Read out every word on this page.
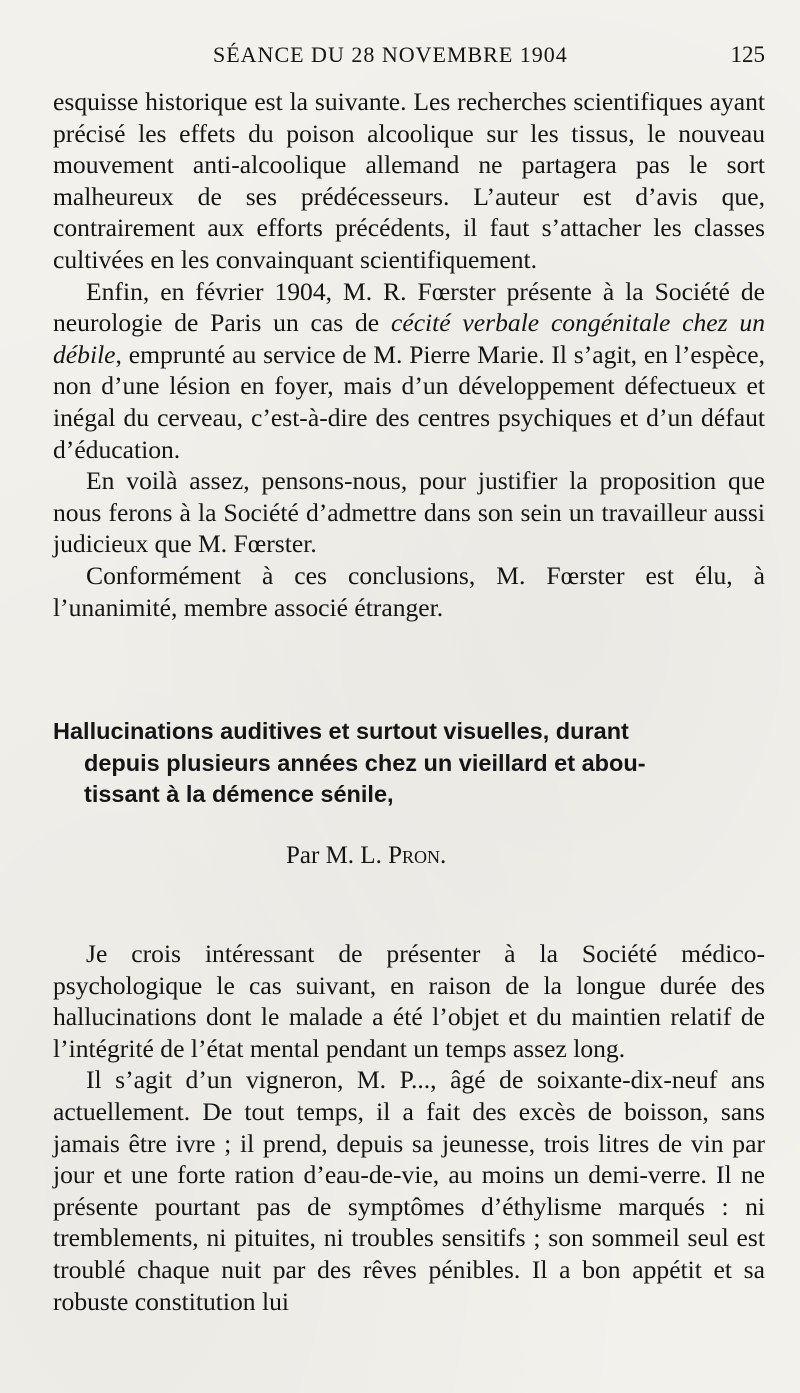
SÉANCE DU 28 NOVEMBRE 1904	125

esquisse historique est la suivante. Les recherches scientifiques ayant précisé les effets du poison alcoolique sur les tissus, le nouveau mouvement anti-alcoolique allemand ne partagera pas le sort malheureux de ses prédécesseurs. L’auteur est d’avis que, contrairement aux efforts précédents, il faut s’attacher les classes cultivées en les convainquant scientifiquement.

Enfin, en février 1904, M. R. Fœrster présente à la Société de neurologie de Paris un cas de cécité verbale congénitale chez un débile, emprunté au service de M. Pierre Marie. Il s’agit, en l’espèce, non d’une lésion en foyer, mais d’un développement défectueux et inégal du cerveau, c’est-à-dire des centres psychiques et d’un défaut d’éducation.

En voilà assez, pensons-nous, pour justifier la proposition que nous ferons à la Société d’admettre dans son sein un travailleur aussi judicieux que M. Fœrster.

Conformément à ces conclusions, M. Fœrster est élu, à l’unanimité, membre associé étranger.

Hallucinations auditives et surtout visuelles, durant
depuis plusieurs années chez un vieillard et abou-
tissant à la démence sénile,
Par M. L. Pron.

Je crois intéressant de présenter à la Société médico-psychologique le cas suivant, en raison de la longue durée des hallucinations dont le malade a été l’objet et du maintien relatif de l’intégrité de l’état mental pendant un temps assez long.

Il s’agit d’un vigneron, M. P..., âgé de soixante-dix-neuf ans actuellement. De tout temps, il a fait des excès de boisson, sans jamais être ivre ; il prend, depuis sa jeunesse, trois litres de vin par jour et une forte ration d’eau-de-vie, au moins un demi-verre. Il ne présente pourtant pas de symptômes d’éthylisme marqués : ni tremblements, ni pituites, ni troubles sensitifs ; son sommeil seul est troublé chaque nuit par des rêves pénibles. Il a bon appétit et sa robuste constitution lui
